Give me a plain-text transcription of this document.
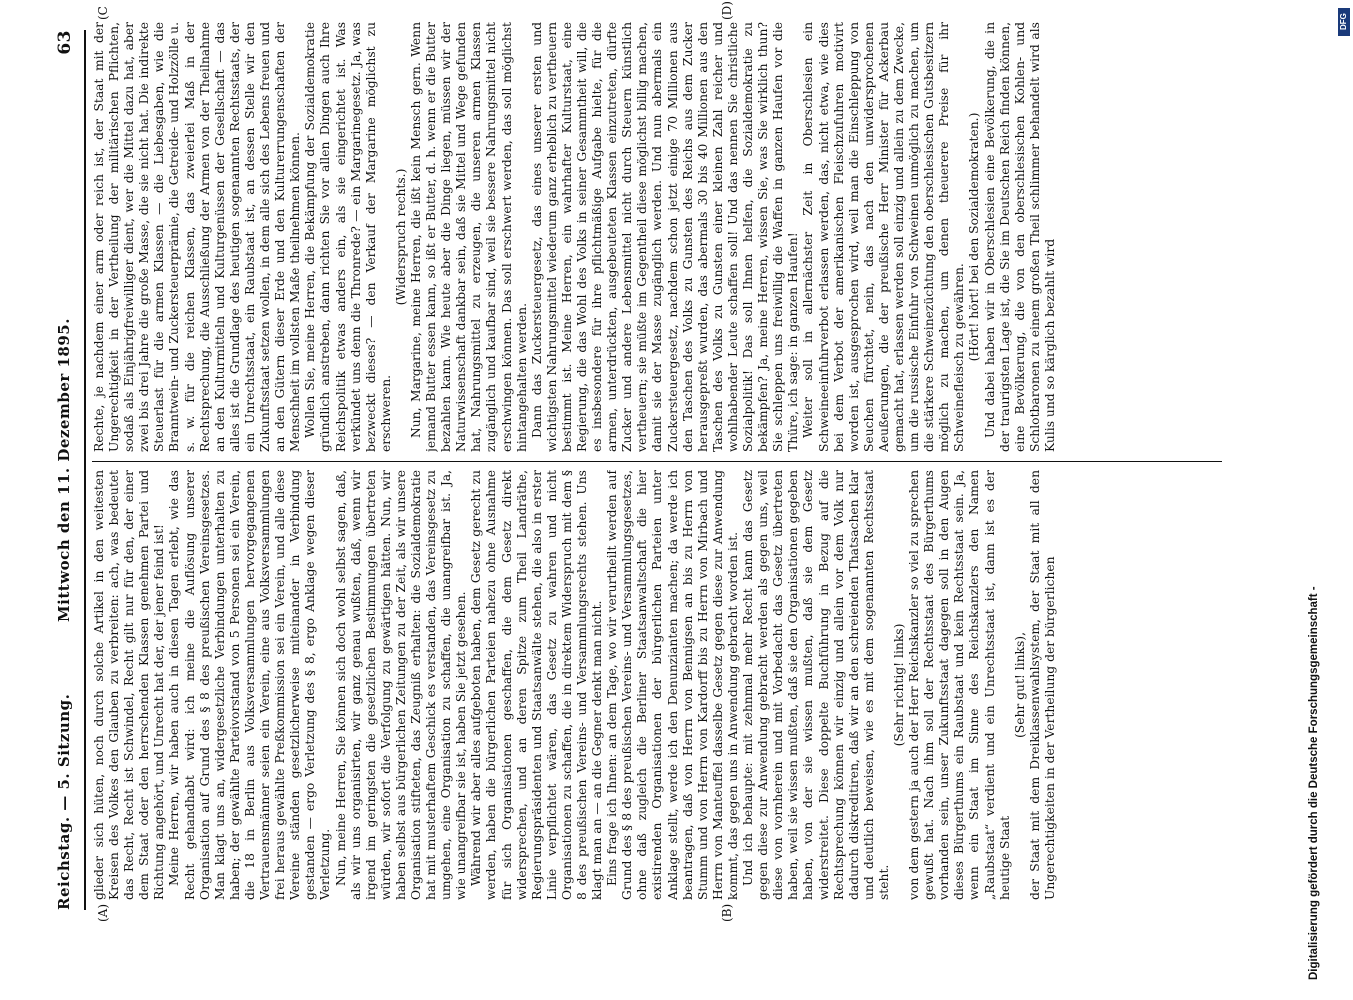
Reichstag. — 5. Sitzung.
Mittwoch den 11. Dezember 1895.
63
(A)	(B)
(C	(D)

glieder sich hüten, noch durch solche Artikel in den weitesten Kreisen des Volkes den Glauben zu verbreiten: ach, was bedeutet das Recht, Recht ist Schwindel, Recht gilt nur für den, der einer dem Staat oder den herrschenden Klassen genehmen Partei und Richtung angehört, und Unrecht hat der, der jener feind ist! Meine Herren, wir haben auch in diesen Tagen erlebt, wie das Recht gehandhabt wird: ich meine die Auflösung unserer Organisation auf Grund des § 8 des preußischen Vereinsgesetzes. Man klagt uns an, widergesetzliche Verbindungen unterhalten zu haben; der gewählte Parteivorstand von 5 Personen sei ein Verein, die 18 in Berlin aus Volksversammlungen hervorgegangenen Vertrauensmänner seien ein Verein, eine aus Volksversammlungen frei heraus gewählte Preßkommission sei ein Verein, und alle diese Vereine ständen gesetzlicherweise miteinander in Verbindung gestanden — ergo Verletzung des § 8, ergo Anklage wegen dieser Verletzung. Nun, meine Herren, Sie können sich doch wohl selbst sagen, daß, als wir uns organisirten, wir ganz genau wußten, daß, wenn wir irgend im geringsten die gesetzlichen Bestimmungen übertreten würden, wir sofort die Verfolgung zu gewärtigen hätten. Nun, wir haben selbst aus bürgerlichen Zeitungen zu der Zeit, als wir unsere Organisation stifteten, das Zeugniß erhalten: die Sozialdemokratie hat mit musterhaftem Geschick es verstanden, das Vereinsgesetz zu umgehen, eine Organisation zu schaffen, die unangreifbar ist. Ja, wie unangreifbar sie ist, haben Sie jetzt gesehen. Während wir aber alles aufgeboten haben, dem Gesetz gerecht zu werden, haben die bürgerlichen Parteien nahezu ohne Ausnahme für sich Organisationen geschaffen, die dem Gesetz direkt widersprechen, und an deren Spitze zum Theil Landräthe, Regierungspräsidenten und Staatsanwälte stehen, die also in erster Linie verpflichtet wären, das Gesetz zu wahren und nicht Organisationen zu schaffen, die in direktem Widerspruch mit dem § 8 des preußischen Vereins- und Versammlungsrechts stehen. Uns klagt man an — an die Gegner denkt man nicht. Eins frage ich Ihnen: an dem Tage, wo wir verurtheilt werden auf Grund des § 8 des preußischen Vereins- und Versammlungsgesetzes, ohne daß zugleich die Berliner Staatsanwaltschaft die hier existirenden Organisationen der bürgerlichen Parteien unter Anklage stellt, werde ich den Denunzianten machen; da werde ich beantragen, daß von Herrn von Bennigsen an bis zu Herrn von Stumm und von Herrn von Kardorff bis zu Herrn von Mirbach und Herrn von Manteuffel dasselbe Gesetz gegen diese zur Anwendung kommt, das gegen uns in Anwendung gebracht worden ist. Und ich behaupte: mit zehnmal mehr Recht kann das Gesetz gegen diese zur Anwendung gebracht werden als gegen uns, weil diese von vornherein und mit Vorbedacht das Gesetz übertreten haben, weil sie wissen mußten, daß sie den Organisationen gegeben haben, von der sie wissen mußten, daß sie dem Gesetz widerstreitet. Diese doppelte Buchführung in Bezug auf die Rechtsprechung können wir einzig und allein vor dem Volk nur dadurch diskreditiren, daß wir an den schreienden Thatsachen klar und deutlich beweisen, wie es mit dem sogenannten Rechtsstaat steht.

(Sehr richtig! links) von dem gestern ja auch der Herr Reichskanzler so viel zu sprechen gewußt hat. Nach ihm soll der Rechtsstaat des Bürgerthums vorhanden sein, unser Zukunftsstaat dagegen soll in den Augen dieses Bürgerthums ein Raubstaat und kein Rechtsstaat sein. Ja, wenn ein Staat im Sinne des Reichskanzlers den Namen „Raubstaat“ verdient und ein Unrechtsstaat ist, dann ist es der heutige Staat

(Sehr gut! links), der Staat mit dem Dreiklassenwahlsystem, der Staat mit all den Ungerechtigkeiten in der Vertheilung der bürgerlichen

Rechte, je nachdem einer arm oder reich ist, der Staat mit der Ungerechtigkeit in der Vertheilung der militärischen Pflichten, sodaß als Einjährigfreiwilliger dient, wer die Mittel dazu hat, aber zwei bis drei Jahre die große Masse, die sie nicht hat. Die indirekte Steuerlast für die armen Klassen — die Liebesgaben, wie die Branntwein- und Zuckersteuerprämie, die Getreide- und Holzzölle u. s. w. für die reichen Klassen, das zweierlei Maß in der Rechtsprechung, die Ausschließung der Armen von der Theilnahme an den Kulturmitteln und Kulturgenüssen der Gesellschaft — das alles ist die Grundlage des heutigen sogenannten Rechtsstaats, der ein Unrechtsstaat, ein Raubstaat ist, an dessen Stelle wir den Zukunftsstaat setzen wollen, in dem alle sich des Lebens freuen und an den Gütern dieser Erde und den Kulturerrungenschaften der Menschheit im vollsten Maße theilnehmen können. Wollen Sie, meine Herren, die Bekämpfung der Sozialdemokratie gründlich anstreben, dann richten Sie vor allen Dingen auch Ihre Reichspolitik etwas anders ein, als sie eingerichtet ist. Was verkündet uns denn die Thronrede? — ein Margarinegesetz. Ja, was bezweckt dieses? — den Verkauf der Margarine möglichst zu erschweren.

(Widerspruch rechts.) Nun, Margarine, meine Herren, die ißt kein Mensch gern. Wenn jemand Butter essen kann, so ißt er Butter, d. h. wenn er die Butter bezahlen kann. Wie heute aber die Dinge liegen, müssen wir der Naturwissenschaft dankbar sein, daß sie Mittel und Wege gefunden hat, Nahrungsmittel zu erzeugen, die unseren armen Klassen zugänglich und kaufbar sind, weil sie bessere Nahrungsmittel nicht erschwingen können. Das soll erschwert werden, das soll möglichst hintangehalten werden. Dann das Zuckersteuergesetz, das eines unserer ersten und wichtigsten Nahrungsmittel wiederum ganz erheblich zu vertheuern bestimmt ist. Meine Herren, ein wahrhafter Kulturstaat, eine Regierung, die das Wohl des Volks in seiner Gesammtheit will, die es insbesondere für ihre pflichtmäßige Aufgabe hielte, für die armen, unterdrückten, ausgebeuteten Klassen einzutreten, dürfte Zucker und andere Lebensmittel nicht durch Steuern künstlich vertheuern; sie müßte im Gegentheil diese möglichst billig machen, damit sie der Masse zugänglich werden. Und nun abermals ein Zuckersteuergesetz, nachdem schon jetzt einige 70 Millionen aus den Taschen des Volks zu Gunsten des Reichs aus dem Zucker herausgepreßt wurden, das abermals 30 bis 40 Millionen aus den Taschen des Volks zu Gunsten einer kleinen Zahl reicher und wohlhabender Leute schaffen soll! Und das nennen Sie christliche Sozialpolitik! Das soll Ihnen helfen, die Sozialdemokratie zu bekämpfen? Ja, meine Herren, wissen Sie, was Sie wirklich thun? Sie schleppen uns freiwillig die Waffen in ganzen Haufen vor die Thüre, ich sage: in ganzen Haufen! Weiter soll in allernächster Zeit in Oberschlesien ein Schweineeinfuhrverbot erlassen werden, das, nicht etwa, wie dies bei dem Verbot der amerikanischen Fleischzufuhren motivirt worden ist, ausgesprochen wird, weil man die Einschleppung von Seuchen fürchtet, nein, das nach den unwidersprochenen Aeußerungen, die der preußische Herr Minister für Ackerbau gemacht hat, erlassen werden soll einzig und allein zu dem Zwecke, um die russische Einfuhr von Schweinen unmöglich zu machen, um die stärkere Schweinezüchtung den oberschlesischen Gutsbesitzern möglich zu machen, um denen theuerere Preise für ihr Schweinefleisch zu gewähren. (Hört! hört! bei den Sozialdemokraten.) Und dabei haben wir in Oberschlesien eine Bevölkerung, die in der traurigsten Lage ist, die Sie im Deutschen Reich finden können, eine Bevölkerung, die von den oberschlesischen Kohlen- und Schlotbaronen zu einem großen Theil schlimmer behandelt wird als Kulis und so kärglich bezahlt wird

Digitalisierung gefördert durch die Deutsche Forschungsgemeinschaft -
DFG
